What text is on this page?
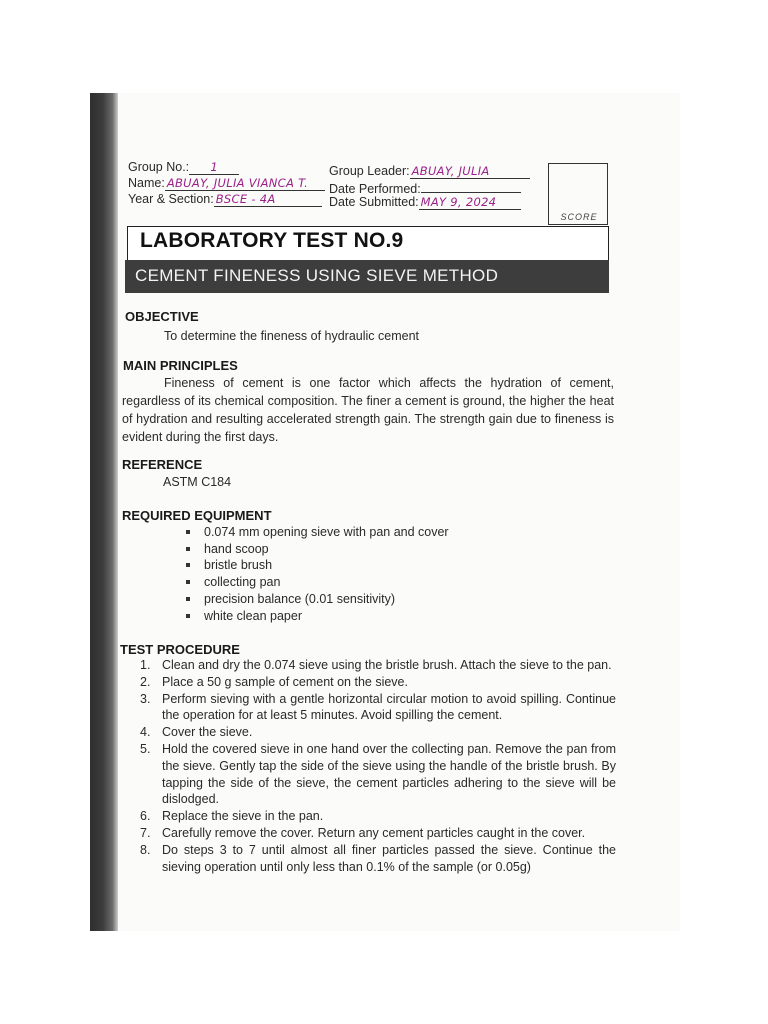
Group No.: 1
Name: ABUAY, JULIA VIANCA T.
Year & Section: BSCE - 4A
Group Leader: ABUAY, JULIA
Date Performed:
Date Submitted: MAY 9, 2024
SCORE
LABORATORY TEST NO.9
CEMENT FINENESS USING SIEVE METHOD
OBJECTIVE
To determine the fineness of hydraulic cement
MAIN PRINCIPLES
Fineness of cement is one factor which affects the hydration of cement, regardless of its chemical composition. The finer a cement is ground, the higher the heat of hydration and resulting accelerated strength gain. The strength gain due to fineness is evident during the first days.
REFERENCE
ASTM C184
REQUIRED EQUIPMENT
0.074 mm opening sieve with pan and cover
hand scoop
bristle brush
collecting pan
precision balance (0.01 sensitivity)
white clean paper
TEST PROCEDURE
1. Clean and dry the 0.074 sieve using the bristle brush. Attach the sieve to the pan.
2. Place a 50 g sample of cement on the sieve.
3. Perform sieving with a gentle horizontal circular motion to avoid spilling. Continue the operation for at least 5 minutes. Avoid spilling the cement.
4. Cover the sieve.
5. Hold the covered sieve in one hand over the collecting pan. Remove the pan from the sieve. Gently tap the side of the sieve using the handle of the bristle brush. By tapping the side of the sieve, the cement particles adhering to the sieve will be dislodged.
6. Replace the sieve in the pan.
7. Carefully remove the cover. Return any cement particles caught in the cover.
8. Do steps 3 to 7 until almost all finer particles passed the sieve. Continue the sieving operation until only less than 0.1% of the sample (or 0.05g)
